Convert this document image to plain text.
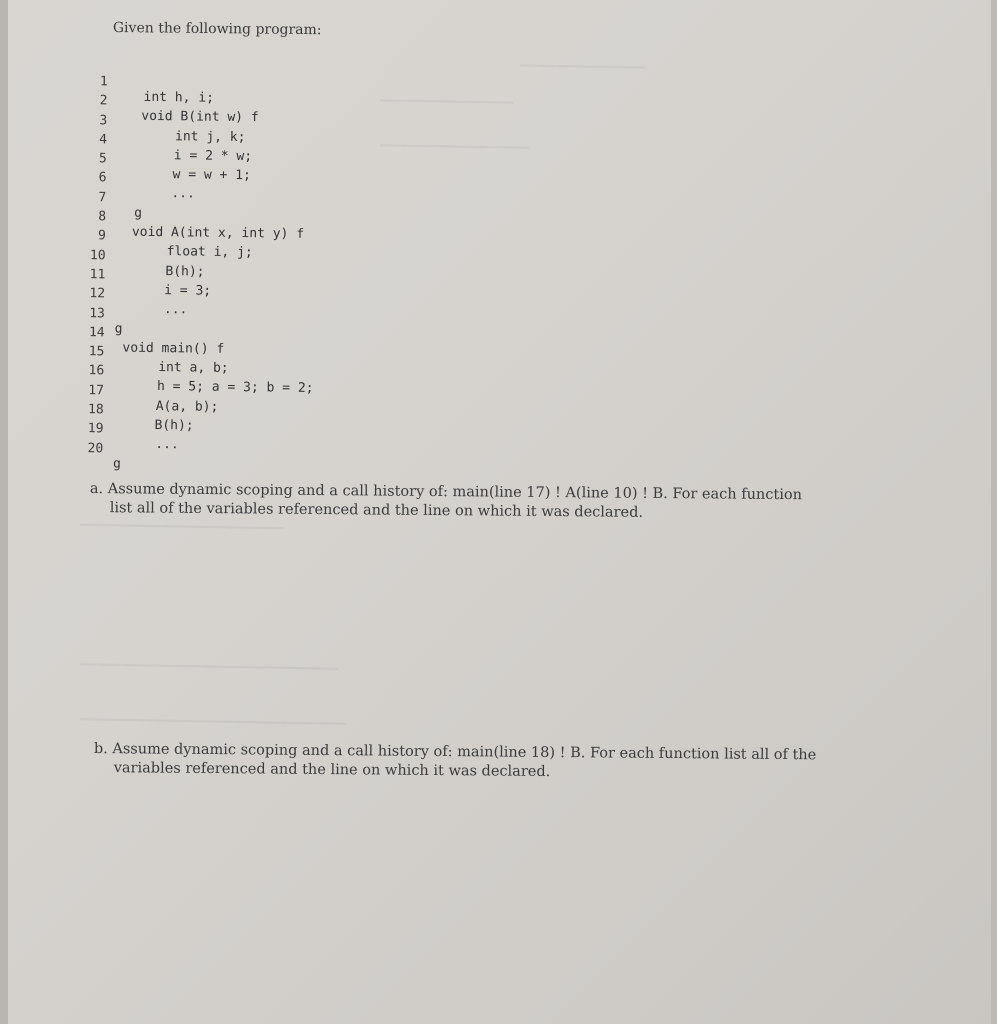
━━━━━━━━━━━━━━━━
━━━━━━━━━━━━━━━━━
━━━━━━━━━━━━━━━━━━━
━━━━━━━━━━━━━━━━━━━━━━━━━━
━━━━━━━━━━━━━━━━━━━━━━━━━━━━━━━━━
━━━━━━━━━━━━━━━━━━━━━━━━━━━━━━━━━━
Given the following program:

1

int h, i;

2

void B(int w) f

3

int j, k;

4

i = 2 * w;

5

w = w + 1;

6

...

7

g

8

void A(int x, int y) f

9

float i, j;

10

B(h);

11

i = 3;

12

...

13

g

14

void main() f

15

int a, b;

16

h = 5; a = 3; b = 2;

17

A(a, b);

18

B(h);

19

...

20

g

a. Assume dynamic scoping and a call history of: main(line 17) ! A(line 10) ! B. For each function
list all of the variables referenced and the line on which it was declared.
b. Assume dynamic scoping and a call history of: main(line 18) ! B. For each function list all of the
variables referenced and the line on which it was declared.
